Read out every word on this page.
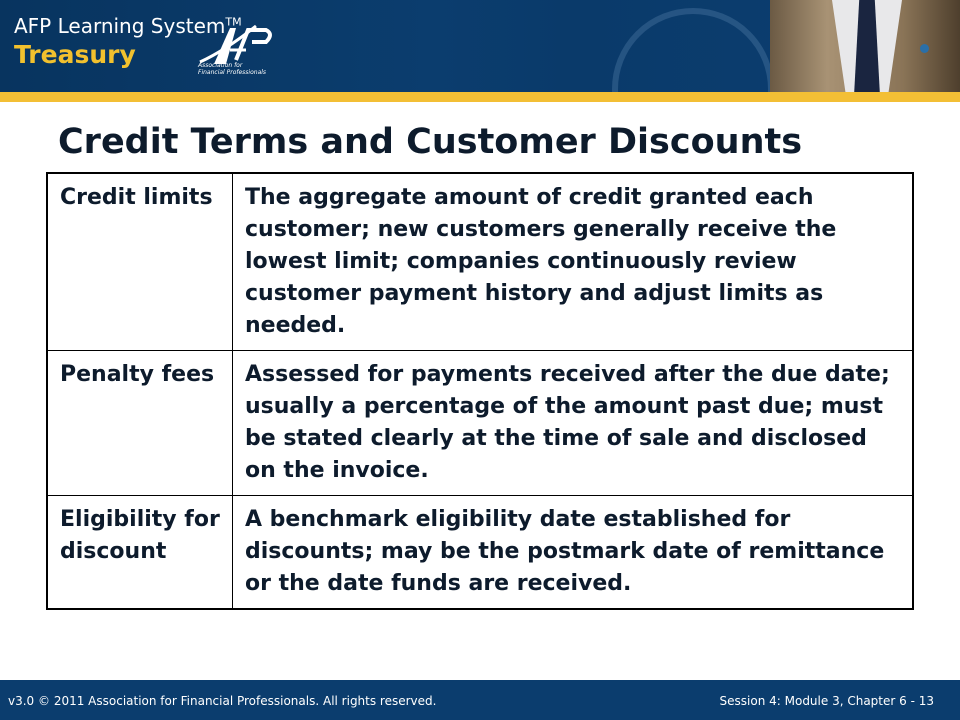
AFP Learning System™
Treasury	Association for
Financial Professionals
Credit Terms and Customer Discounts
Credit limits	The aggregate amount of credit granted each customer; new customers generally receive the lowest limit; companies continuously review customer payment history and adjust limits as needed.
Penalty fees	Assessed for payments received after the due date; usually a percentage of the amount past due; must be stated clearly at the time of sale and disclosed on the invoice.
Eligibility for discount	A benchmark eligibility date established for discounts; may be the postmark date of remittance or the date funds are received.
v3.0 © 2011 Association for Financial Professionals. All rights reserved.	Session 4: Module 3, Chapter 6 - 13
